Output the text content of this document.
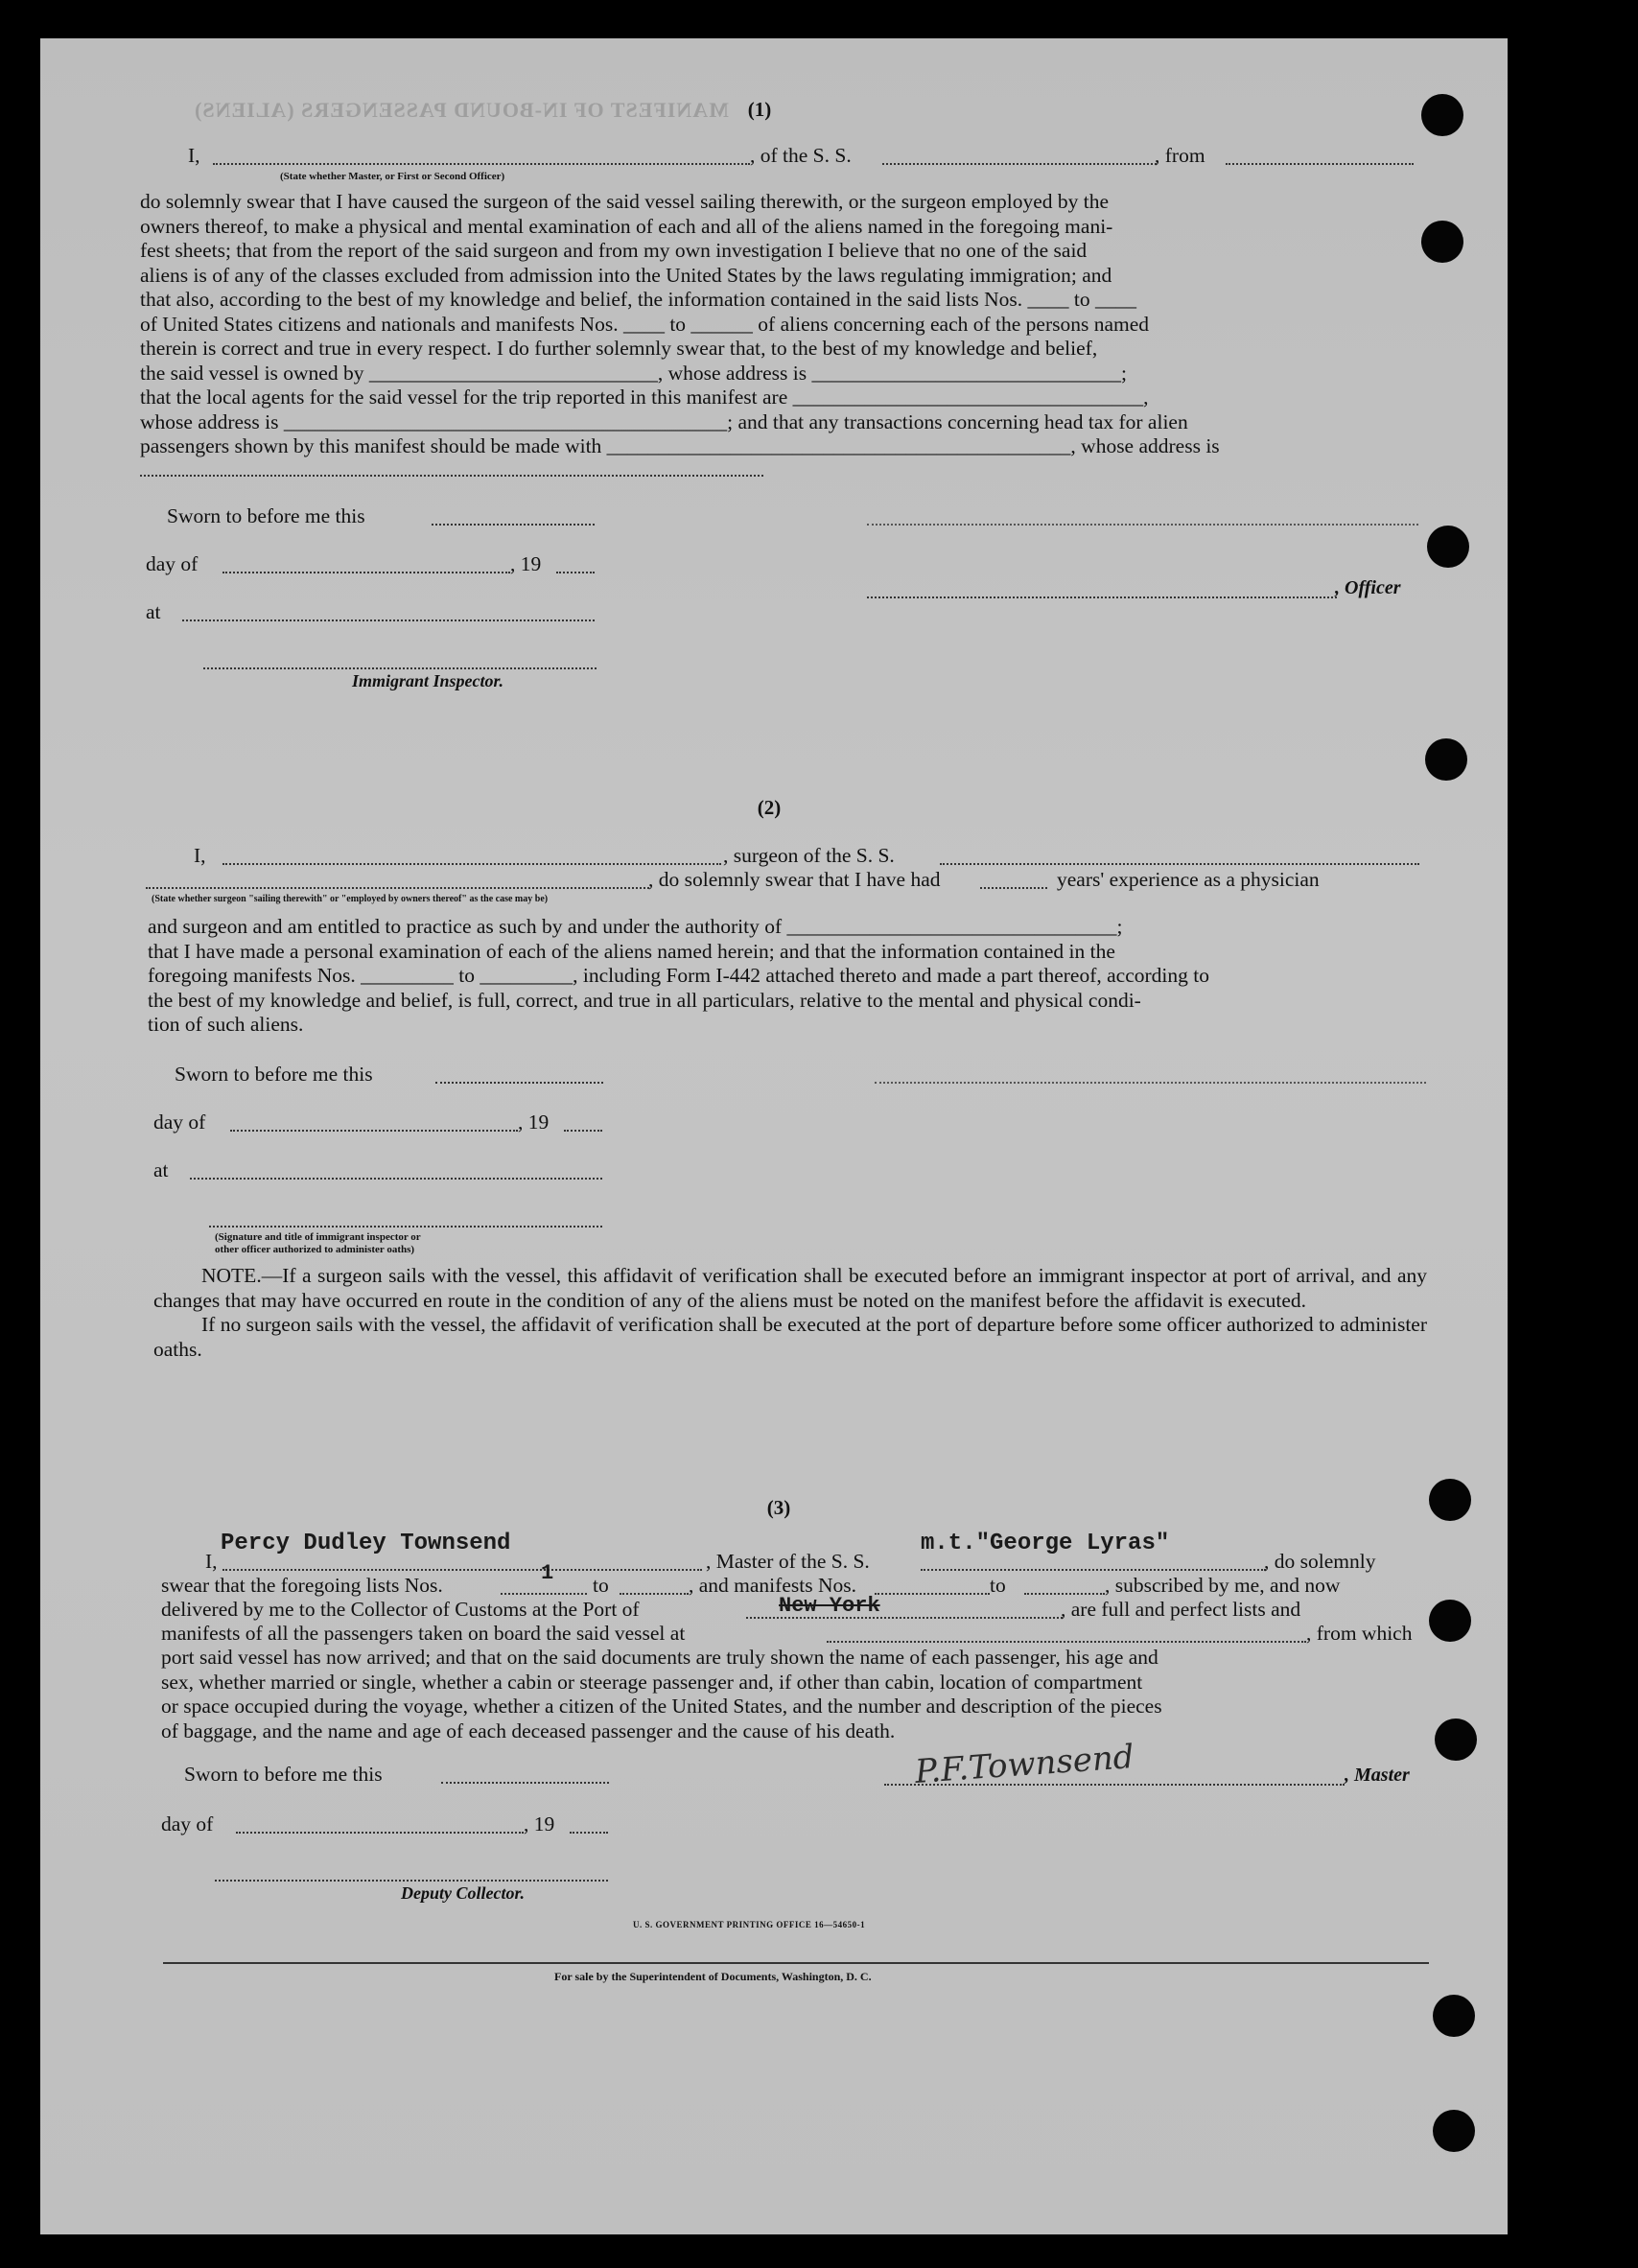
MANIFEST OF IN-BOUND PASSENGERS (ALIENS) (1)
I,	, of the S. S.	, from
(State whether Master, or First or Second Officer)

do solemnly swear that I have caused the surgeon of the said vessel sailing therewith, or the surgeon employed by the

owners thereof, to make a physical and mental examination of each and all of the aliens named in the foregoing mani-

fest sheets; that from the report of the said surgeon and from my own investigation I believe that no one of the said

aliens is of any of the classes excluded from admission into the United States by the laws regulating immigration; and

that also, according to the best of my knowledge and belief, the information contained in the said lists Nos. ____ to ____

of United States citizens and nationals and manifests Nos. ____ to ______ of aliens concerning each of the persons named

therein is correct and true in every respect. I do further solemnly swear that, to the best of my knowledge and belief,

the said vessel is owned by ____________________________, whose address is ______________________________;

that the local agents for the said vessel for the trip reported in this manifest are __________________________________,

whose address is ___________________________________________; and that any transactions concerning head tax for alien

passengers shown by this manifest should be made with _____________________________________________, whose address is

Sworn to before me this
day of	, 19
, Officer
at
Immigrant Inspector.
(2)
I,	, surgeon of the S. S.
, do solemnly swear that I have had	years' experience as a physician
(State whether surgeon "sailing therewith" or "employed by owners thereof" as the case may be)

and surgeon and am entitled to practice as such by and under the authority of ________________________________;

that I have made a personal examination of each of the aliens named herein; and that the information contained in the

foregoing manifests Nos. _________ to _________, including Form I-442 attached thereto and made a part thereof, according to

the best of my knowledge and belief, is full, correct, and true in all particulars, relative to the mental and physical condi-

tion of such aliens.

Sworn to before me this
day of	, 19
at
(Signature and title of immigrant inspector or
other officer authorized to administer oaths)

NOTE.—If a surgeon sails with the vessel, this affidavit of verification shall be executed before an immigrant inspector at port of arrival, and any changes that may have occurred en route in the condition of any of the aliens must be noted on the manifest before the affidavit is executed.

If no surgeon sails with the vessel, the affidavit of verification shall be executed at the port of departure before some officer authorized to administer oaths.

(3)
I,
Percy Dudley Townsend
, Master of the S. S.
m.t."George Lyras"
, do solemnly
swear that the foregoing lists Nos.	1 to	, and manifests Nos.	to	, subscribed by me, and now
delivered by me to the Collector of Customs at the Port of	New York	, are full and perfect lists and
manifests of all the passengers taken on board the said vessel at	, from which

port said vessel has now arrived; and that on the said documents are truly shown the name of each passenger, his age and

sex, whether married or single, whether a cabin or steerage passenger and, if other than cabin, location of compartment

or space occupied during the voyage, whether a citizen of the United States, and the number and description of the pieces

of baggage, and the name and age of each deceased passenger and the cause of his death.

Sworn to before me this	P.F.Townsend	, Master
day of	, 19
Deputy Collector.
U. S. GOVERNMENT PRINTING OFFICE 16—54650-1
For sale by the Superintendent of Documents, Washington, D. C.
